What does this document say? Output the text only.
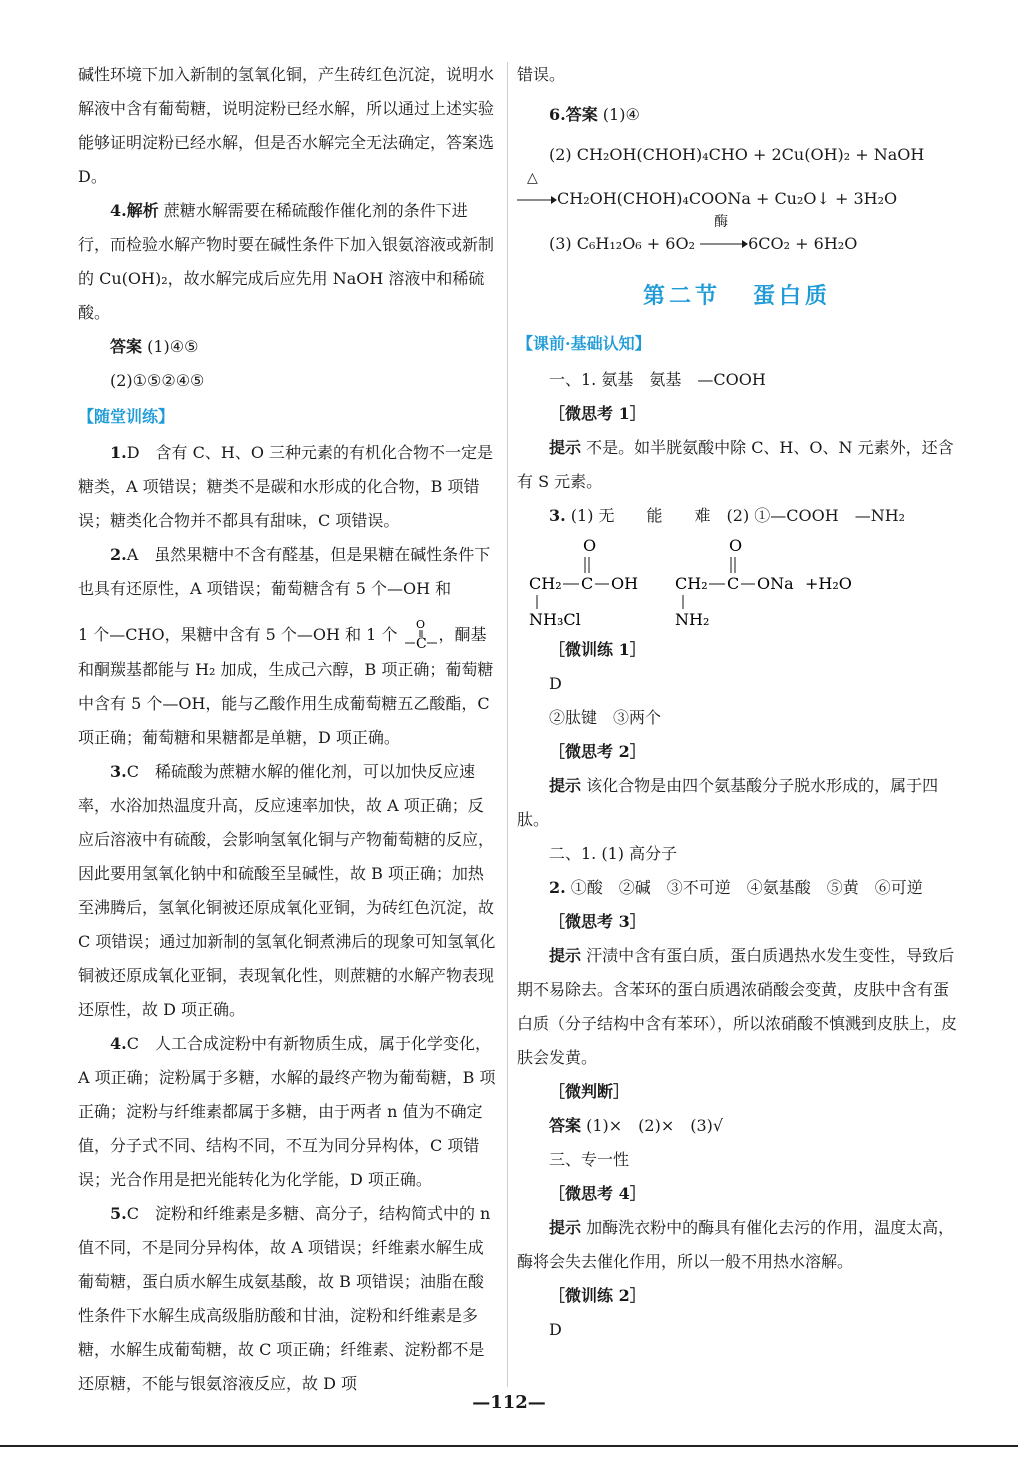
碱性环境下加入新制的氢氧化铜，产生砖红色沉淀，说明水解液中含有葡萄糖，说明淀粉已经水解，所以通过上述实验能够证明淀粉已经水解，但是否水解完全无法确定，答案选 D。

4.解析 蔗糖水解需要在稀硫酸作催化剂的条件下进行，而检验水解产物时要在碱性条件下加入银氨溶液或新制的 Cu(OH)₂，故水解完成后应先用 NaOH 溶液中和稀硫酸。

答案 (1)④⑤

(2)①⑤②④⑤

【随堂训练】

1.D　含有 C、H、O 三种元素的有机化合物不一定是糖类，A 项错误；糖类不是碳和水形成的化合物，B 项错误；糖类化合物并不都具有甜味，C 项错误。

2.A　虽然果糖中不含有醛基，但是果糖在碱性条件下也具有还原性，A 项错误；葡萄糖含有 5 个—OH 和

1 个—CHO，果糖中含有 5 个—OH 和 1 个
O
C ，酮基和酮羰基都能与 H₂ 加成，生成己六醇，B 项正确；葡萄糖中含有 5 个—OH，能与乙酸作用生成葡萄糖五乙酸酯，C 项正确；葡萄糖和果糖都是单糖，D 项正确。

3.C　稀硫酸为蔗糖水解的催化剂，可以加快反应速率，水浴加热温度升高，反应速率加快，故 A 项正确；反应后溶液中有硫酸，会影响氢氧化铜与产物葡萄糖的反应，因此要用氢氧化钠中和硫酸至呈碱性，故 B 项正确；加热至沸腾后，氢氧化铜被还原成氧化亚铜，为砖红色沉淀，故 C 项错误；通过加新制的氢氧化铜煮沸后的现象可知氢氧化铜被还原成氧化亚铜，表现氧化性，则蔗糖的水解产物表现还原性，故 D 项正确。

4.C　人工合成淀粉中有新物质生成，属于化学变化，A 项正确；淀粉属于多糖，水解的最终产物为葡萄糖，B 项正确；淀粉与纤维素都属于多糖，由于两者 n 值为不确定值，分子式不同、结构不同，不互为同分异构体，C 项错误；光合作用是把光能转化为化学能，D 项正确。

5.C　淀粉和纤维素是多糖、高分子，结构简式中的 n 值不同，不是同分异构体，故 A 项错误；纤维素水解生成葡萄糖，蛋白质水解生成氨基酸，故 B 项错误；油脂在酸性条件下水解生成高级脂肪酸和甘油，淀粉和纤维素是多糖，水解生成葡萄糖，故 C 项正确；纤维素、淀粉都不是还原糖，不能与银氨溶液反应，故 D 项

错误。

6.答案 (1)④

(2) CH₂OH(CHOH)₄CHO + 2Cu(OH)₂ + NaOH

△
CH₂OH(CHOH)₄COONa + Cu₂O↓ + 3H₂O

(3) C₆H₁₂O₆ + 6O₂
酶
6CO₂ + 6H₂O

第二节 蛋白质

【课前·基础认知】

一、1. 氨基　氨基　—COOH

［微思考 1］

提示 不是。如半胱氨酸中除 C、H、O、N 元素外，还含有 S 元素。

3. (1) 无　　能　　难　(2) ①—COOH　—NH₂

O
CH₂ C OH
NH₃Cl
O
CH₂ C ONa +H₂O
NH₂

［微训练 1］

D

②肽键　③两个

［微思考 2］

提示 该化合物是由四个氨基酸分子脱水形成的，属于四肽。

二、1. (1) 高分子

2. ①酸　②碱　③不可逆　④氨基酸　⑤黄　⑥可逆

［微思考 3］

提示 汗渍中含有蛋白质，蛋白质遇热水发生变性，导致后期不易除去。含苯环的蛋白质遇浓硝酸会变黄，皮肤中含有蛋白质（分子结构中含有苯环），所以浓硝酸不慎溅到皮肤上，皮肤会发黄。

［微判断］

答案 (1)×　(2)×　(3)√

三、专一性

［微思考 4］

提示 加酶洗衣粉中的酶具有催化去污的作用，温度太高，酶将会失去催化作用，所以一般不用热水溶解。

［微训练 2］

D

—112—
